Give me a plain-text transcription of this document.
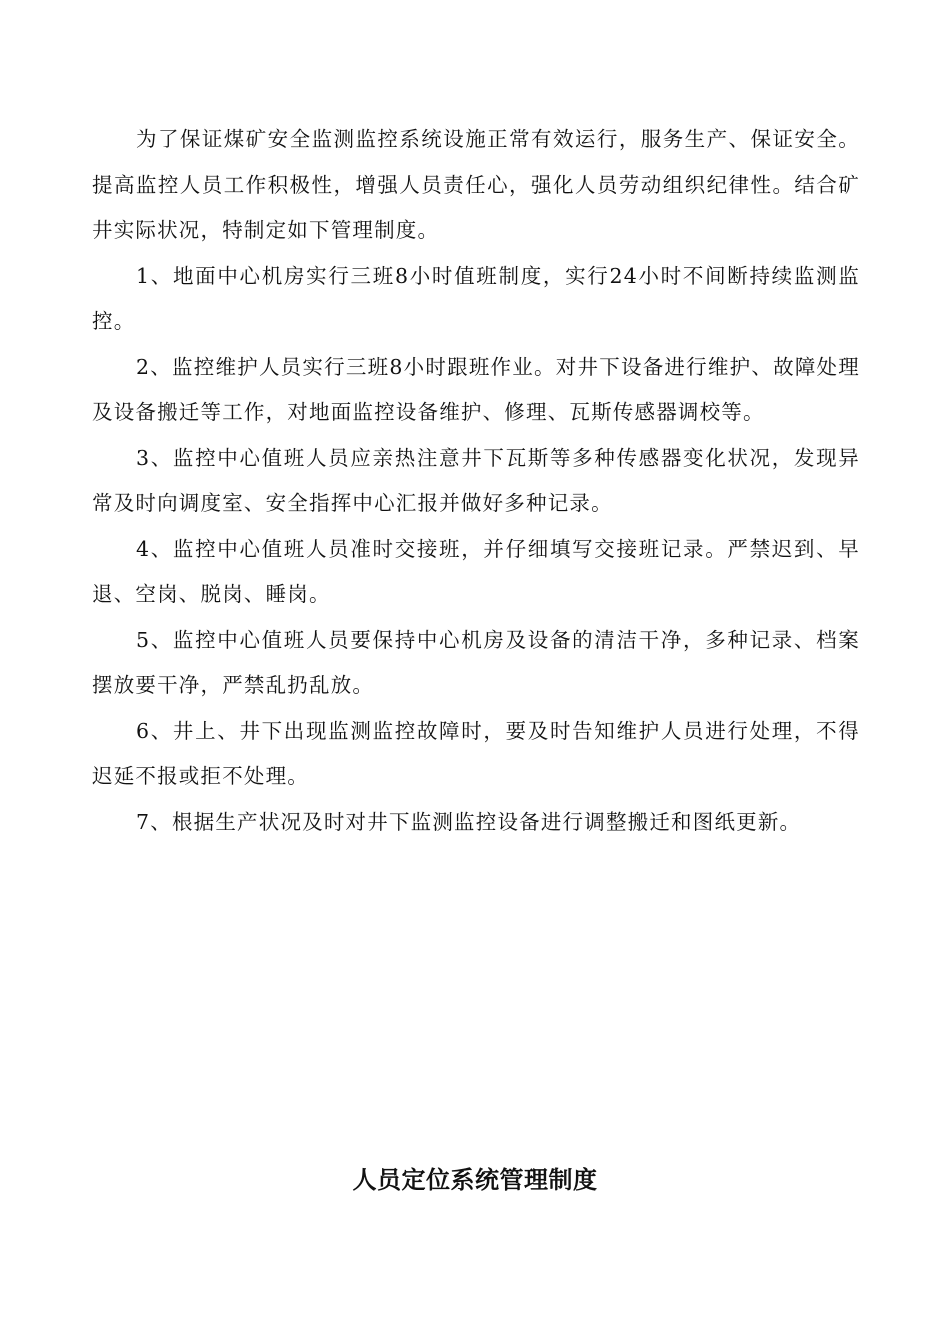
为了保证煤矿安全监测监控系统设施正常有效运行，服务生产、保证安全。提高监控人员工作积极性，增强人员责任心，强化人员劳动组织纪律性。结合矿井实际状况，特制定如下管理制度。

1、地面中心机房实行三班8小时值班制度，实行24小时不间断持续监测监控。

2、监控维护人员实行三班8小时跟班作业。对井下设备进行维护、故障处理及设备搬迁等工作，对地面监控设备维护、修理、瓦斯传感器调校等。

3、监控中心值班人员应亲热注意井下瓦斯等多种传感器变化状况，发现异常及时向调度室、安全指挥中心汇报并做好多种记录。

4、监控中心值班人员准时交接班，并仔细填写交接班记录。严禁迟到、早退、空岗、脱岗、睡岗。

5、监控中心值班人员要保持中心机房及设备的清洁干净，多种记录、档案摆放要干净，严禁乱扔乱放。

6、井上、井下出现监测监控故障时，要及时告知维护人员进行处理，不得迟延不报或拒不处理。

7、根据生产状况及时对井下监测监控设备进行调整搬迁和图纸更新。

人员定位系统管理制度
